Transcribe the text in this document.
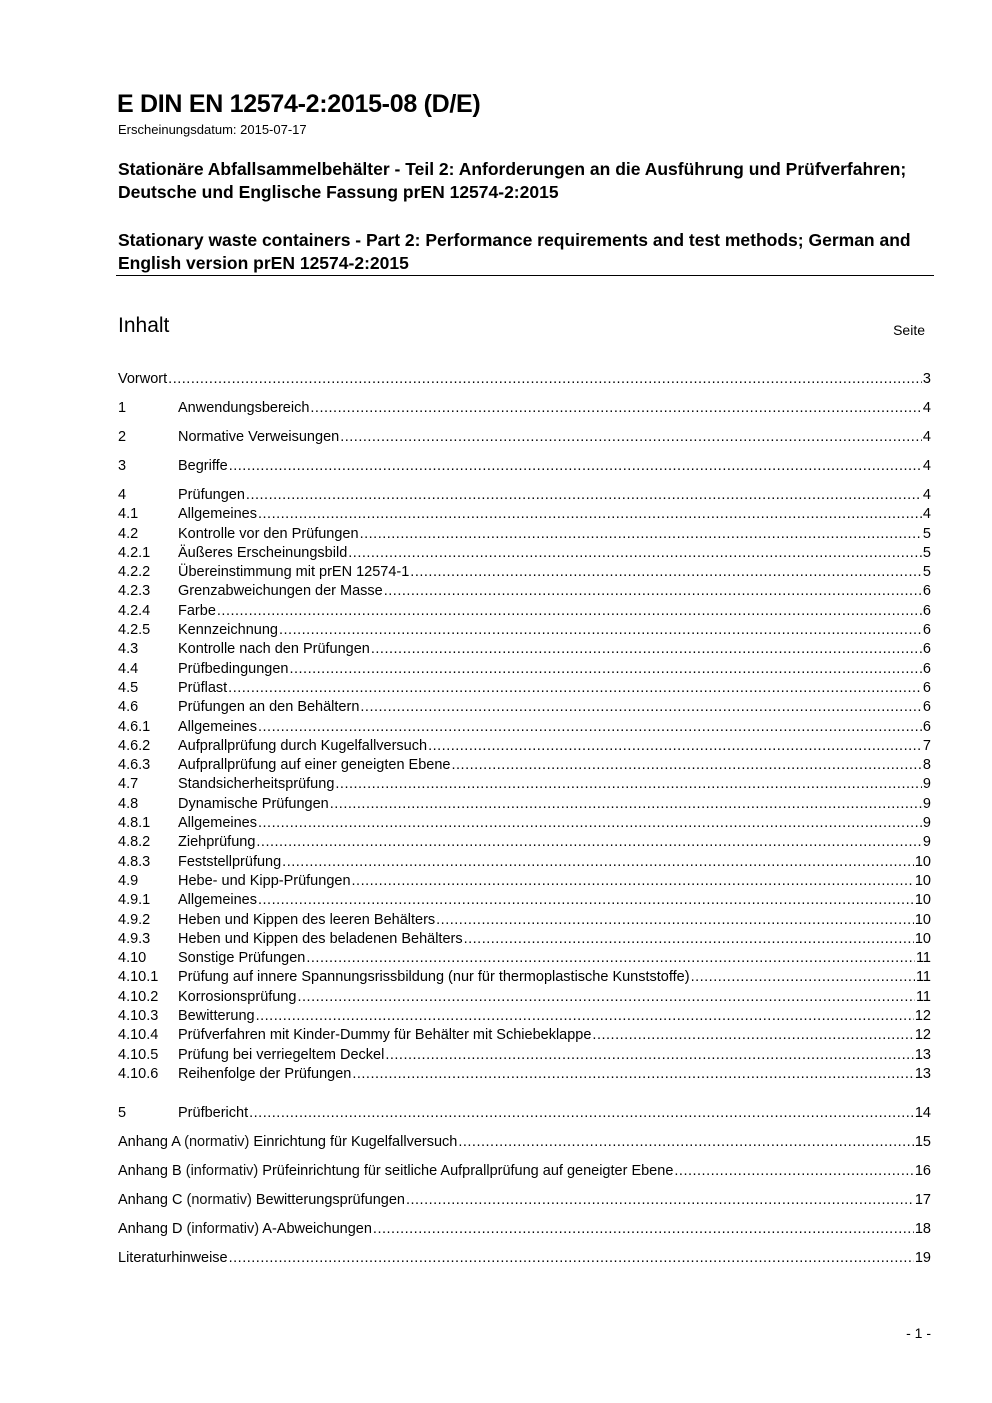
E DIN EN 12574-2:2015-08 (D/E)
Erscheinungsdatum: 2015-07-17
Stationäre Abfallsammelbehälter - Teil 2: Anforderungen an die Ausführung und Prüfverfahren; Deutsche und Englische Fassung prEN 12574-2:2015
Stationary waste containers - Part 2: Performance requirements and test methods; German and English version prEN 12574-2:2015
Inhalt	Seite
Vorwort .....	3
1	Anwendungsbereich .....	4
2	Normative Verweisungen .....	4
3	Begriffe .....	4
4	Prüfungen .....	4
4.1	Allgemeines .....	4
4.2	Kontrolle vor den Prüfungen .....	5
4.2.1	Äußeres Erscheinungsbild .....	5
4.2.2	Übereinstimmung mit prEN 12574-1 .....	5
4.2.3	Grenzabweichungen der Masse .....	6
4.2.4	Farbe .....	6
4.2.5	Kennzeichnung .....	6
4.3	Kontrolle nach den Prüfungen .....	6
4.4	Prüfbedingungen .....	6
4.5	Prüflast .....	6
4.6	Prüfungen an den Behältern .....	6
4.6.1	Allgemeines .....	6
4.6.2	Aufprallprüfung durch Kugelfallversuch .....	7
4.6.3	Aufprallprüfung auf einer geneigten Ebene .....	8
4.7	Standsicherheitsprüfung .....	9
4.8	Dynamische Prüfungen .....	9
4.8.1	Allgemeines .....	9
4.8.2	Ziehprüfung .....	9
4.8.3	Feststellprüfung .....	10
4.9	Hebe- und Kipp-Prüfungen .....	10
4.9.1	Allgemeines .....	10
4.9.2	Heben und Kippen des leeren Behälters .....	10
4.9.3	Heben und Kippen des beladenen Behälters .....	10
4.10	Sonstige Prüfungen .....	11
4.10.1	Prüfung auf innere Spannungsrissbildung (nur für thermoplastische Kunststoffe) .....	11
4.10.2	Korrosionsprüfung .....	11
4.10.3	Bewitterung .....	12
4.10.4	Prüfverfahren mit Kinder-Dummy für Behälter mit Schiebeklappe .....	12
4.10.5	Prüfung bei verriegeltem Deckel .....	13
4.10.6	Reihenfolge der Prüfungen .....	13
5	Prüfbericht .....	14
Anhang A (normativ) Einrichtung für Kugelfallversuch .....	15
Anhang B (informativ) Prüfeinrichtung für seitliche Aufprallprüfung auf geneigter Ebene .....	16
Anhang C (normativ) Bewitterungsprüfungen .....	17
Anhang D (informativ) A-Abweichungen .....	18
Literaturhinweise .....	19
- 1 -
